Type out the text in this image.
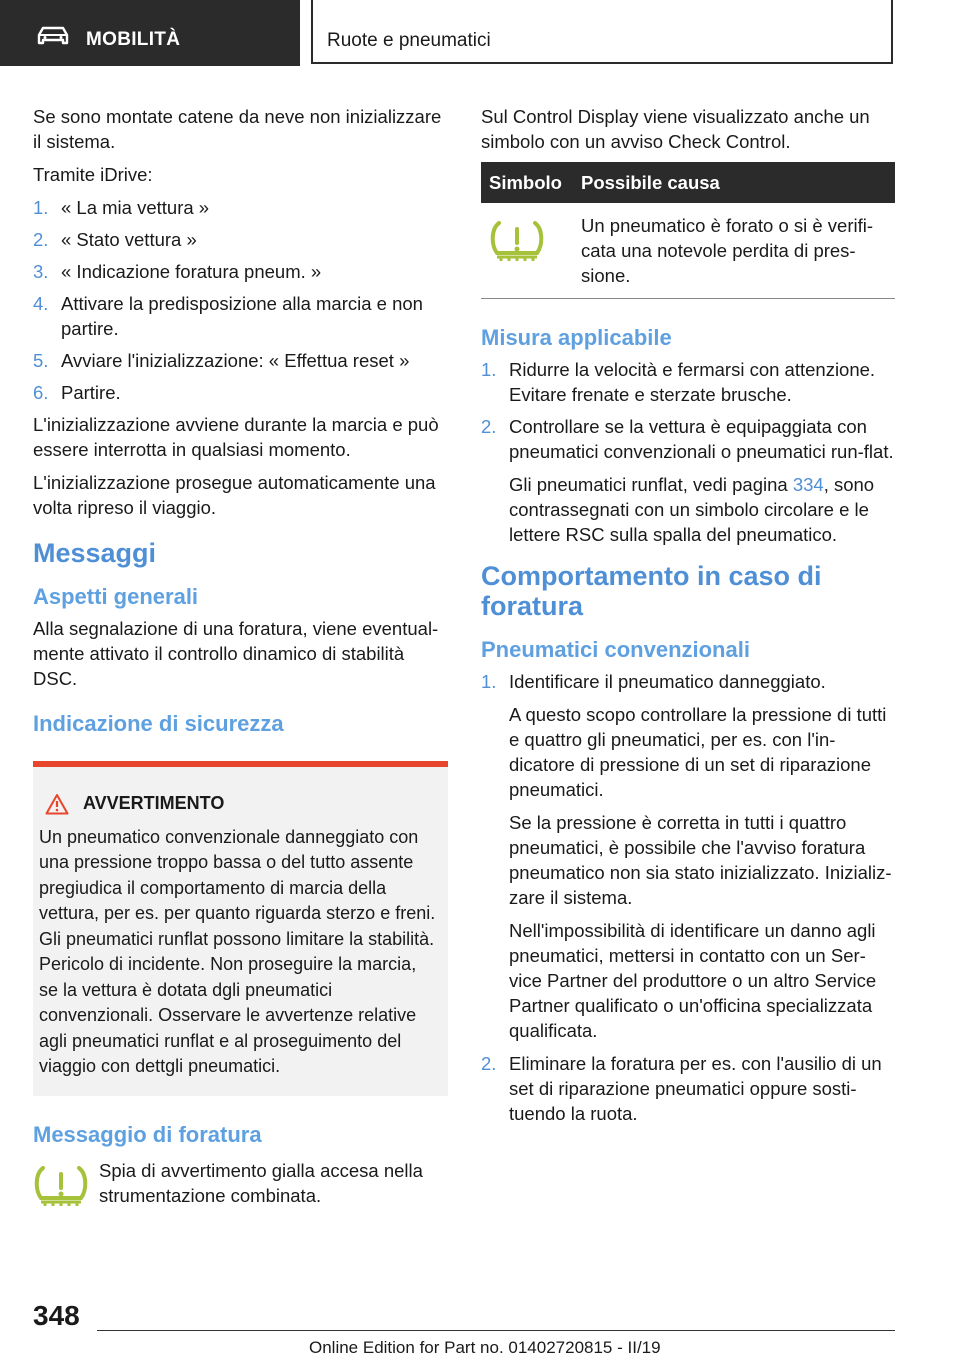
MOBILITÀ	Ruote e pneumatici

Se sono montate catene da neve non inizializzare il sistema.

Tramite iDrive:

1. « La mia vettura »
2. « Stato vettura »
3. « Indicazione foratura pneum. »
4. Attivare la predisposizione alla marcia e non partire.
5. Avviare l'inizializzazione: « Effettua reset »
6. Partire.

L'inizializzazione avviene durante la marcia e può essere interrotta in qualsiasi momento.

L'inizializzazione prosegue automaticamente una volta ripreso il viaggio.

Messaggi
Aspetti generali

Alla segnalazione di una foratura, viene eventual-mente attivato il controllo dinamico di stabilità DSC.

Indicazione di sicurezza
AVVERTIMENTO
Un pneumatico convenzionale danneggiato con una pressione troppo bassa o del tutto assente pregiudica il comportamento di marcia della vettura, per es. per quanto riguarda sterzo e freni. Gli pneumatici runflat possono limitare la stabilità. Pericolo di incidente. Non proseguire la marcia, se la vettura è dotata dgli pneumatici convenzionali. Osservare le avvertenze relative agli pneumatici runflat e al proseguimento del viaggio con dettgli pneumatici.
Messaggio di foratura
Spia di avvertimento gialla accesa nella strumentazione combinata.

Sul Control Display viene visualizzato anche un simbolo con un avviso Check Control.

Simbolo	Possibile causa
	Un pneumatico è forato o si è verifi-cata una notevole perdita di pres-sione.
Misura applicabile
1. Ridurre la velocità e fermarsi con attenzione. Evitare frenate e sterzate brusche.
2. Controllare se la vettura è equipaggiata con pneumatici convenzionali o pneumatici run-flat.

Gli pneumatici runflat, vedi pagina 334, sono contrassegnati con un simbolo circolare e le lettere RSC sulla spalla del pneumatico.

Comportamento in caso di foratura
Pneumatici convenzionali
1. Identificare il pneumatico danneggiato.

A questo scopo controllare la pressione di tutti e quattro gli pneumatici, per es. con l'in-dicatore di pressione di un set di riparazione pneumatici.

Se la pressione è corretta in tutti i quattro pneumatici, è possibile che l'avviso foratura pneumatico non sia stato inizializzato. Inizializ-zare il sistema.

Nell'impossibilità di identificare un danno agli pneumatici, mettersi in contatto con un Ser-vice Partner del produttore o un altro Service Partner qualificato o un'officina specializzata qualificata.

2. Eliminare la foratura per es. con l'ausilio di un set di riparazione pneumatici oppure sosti-tuendo la ruota.

348
Online Edition for Part no. 01402720815 - II/19
